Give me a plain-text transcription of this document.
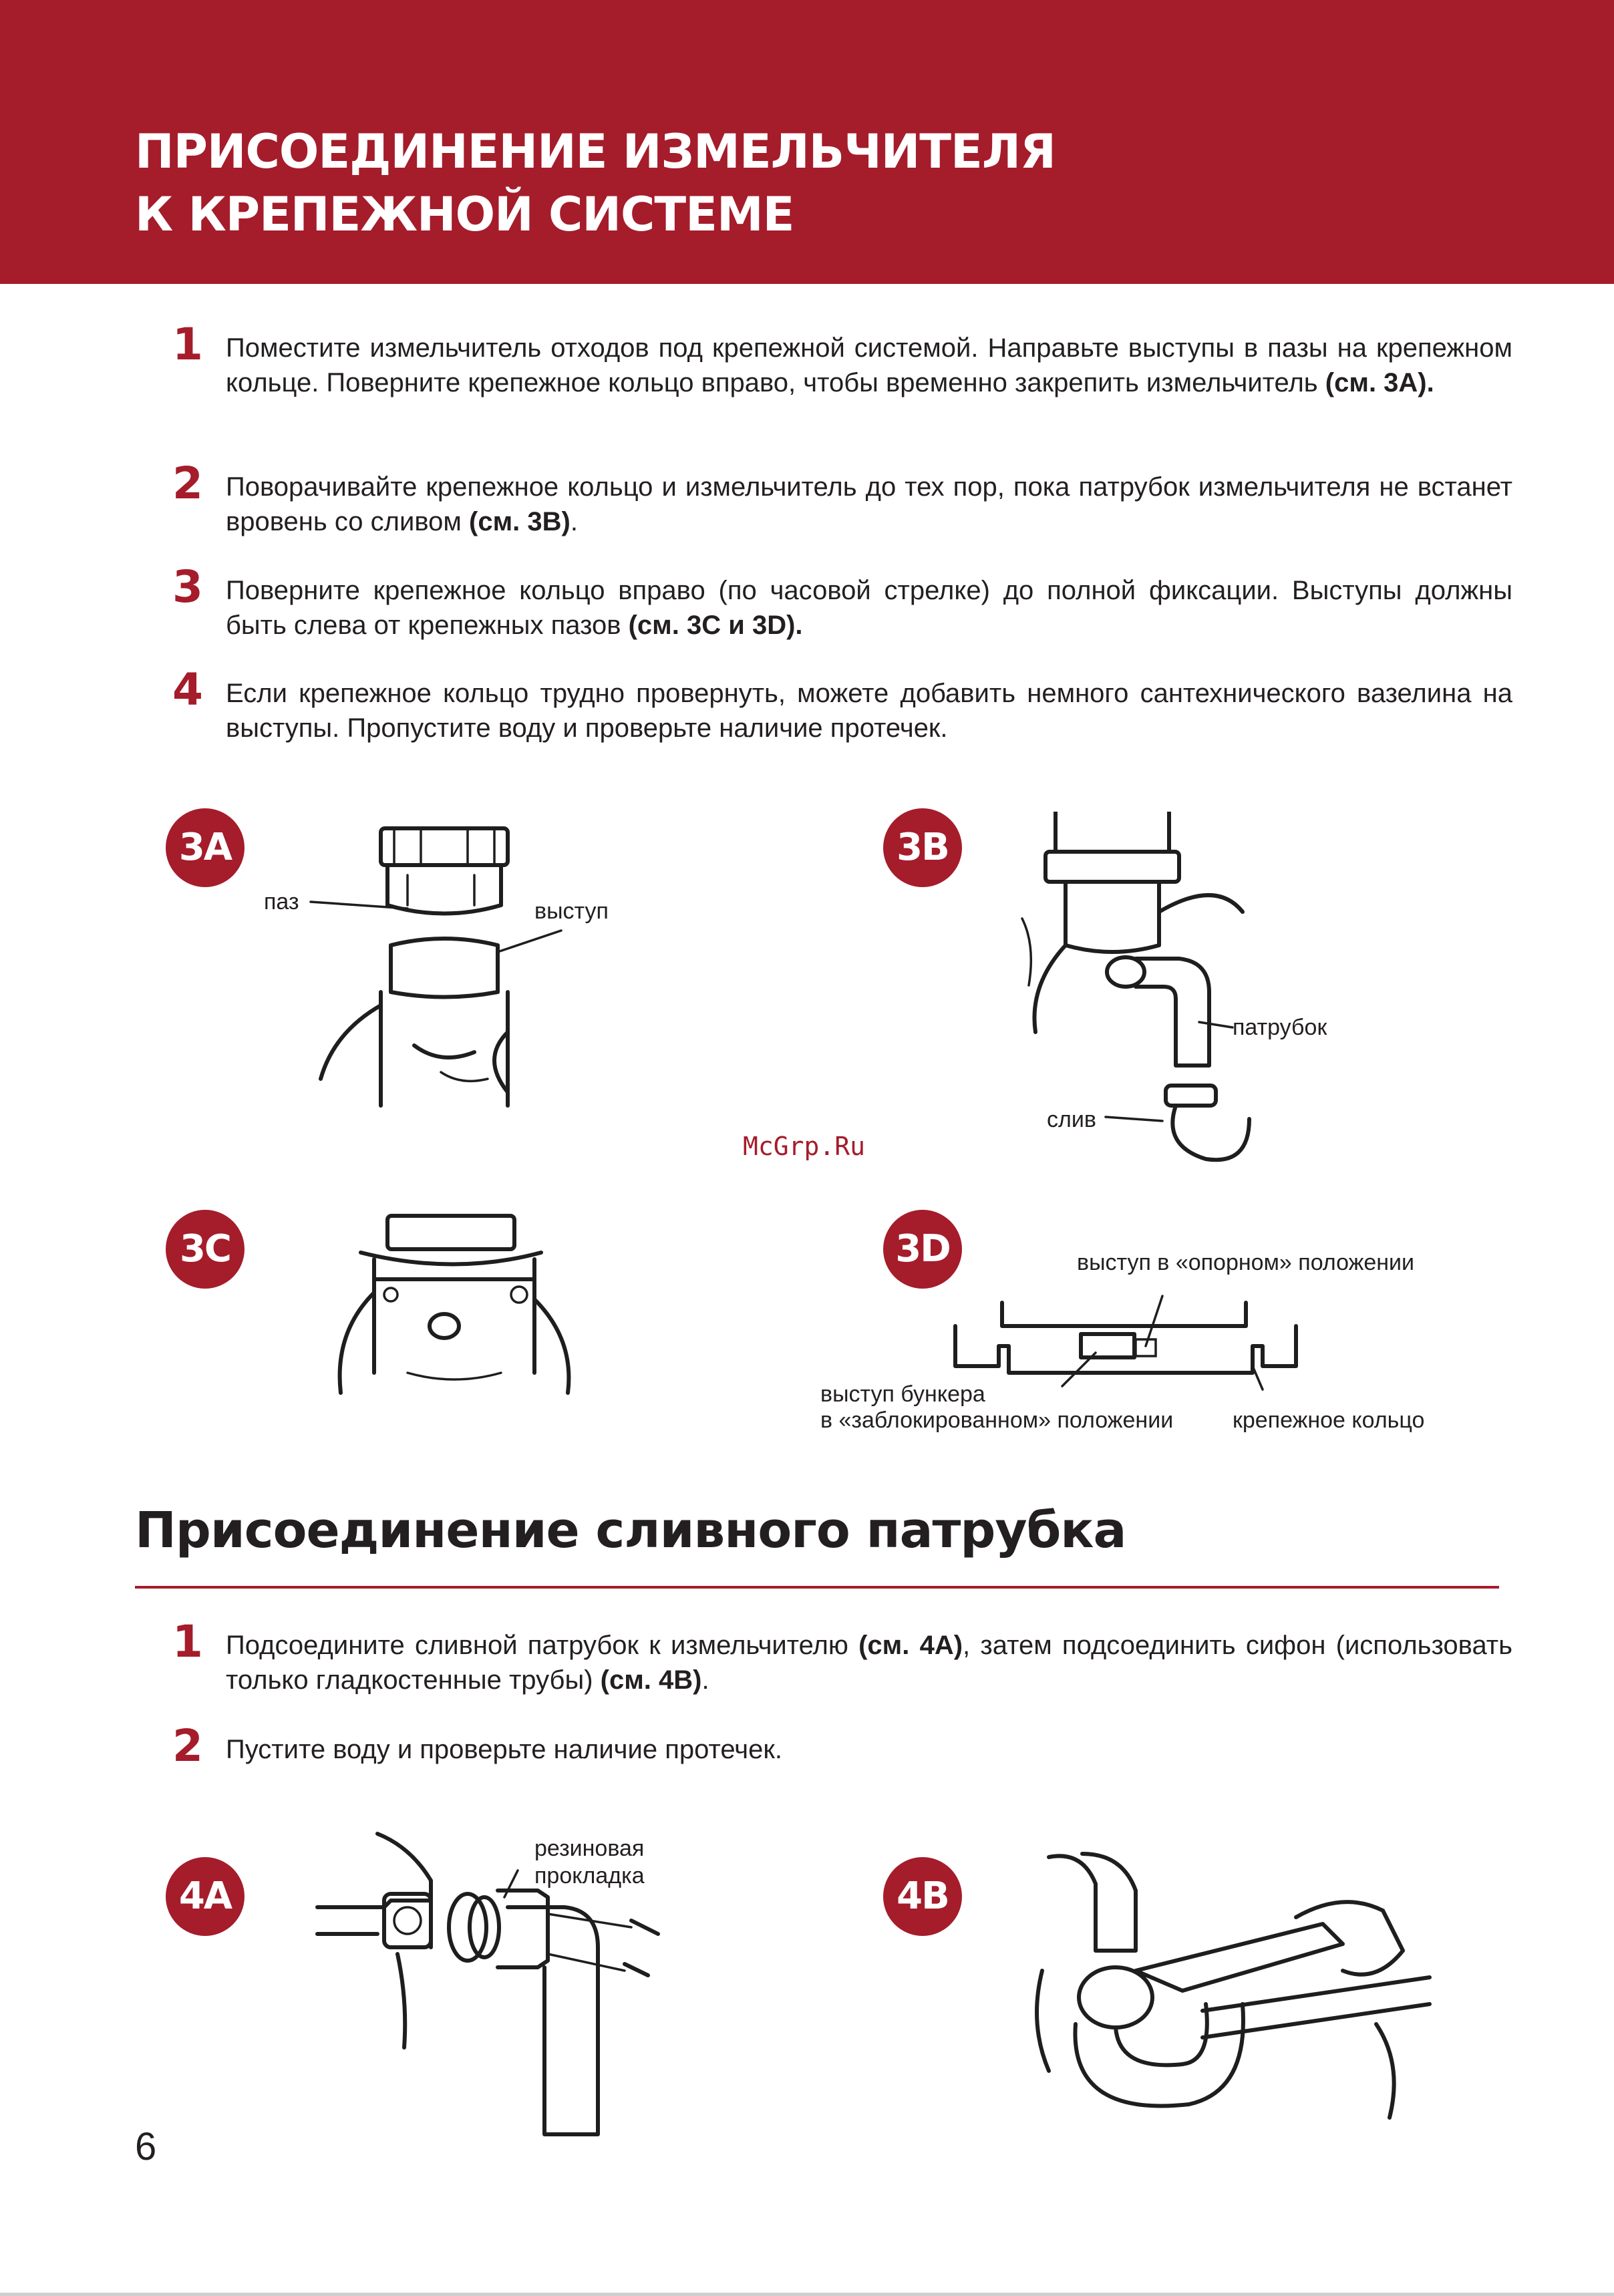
ПРИСОЕДИНЕНИЕ ИЗМЕЛЬЧИТЕЛЯ
К КРЕПЕЖНОЙ СИСТЕМЕ
1 Поместите измельчитель отходов под крепежной системой. Направьте выступы в пазы на крепежном кольце. Поверните крепежное кольцо вправо, чтобы временно закрепить измельчитель (см. 3А).
2 Поворачивайте крепежное кольцо и измельчитель до тех пор, пока патрубок измельчителя не встанет вровень со сливом (см. 3B).
3 Поверните крепежное кольцо вправо (по часовой стрелке) до полной фиксации. Выступы должны быть слева от крепежных пазов (см. 3С и 3D).
4 Если крепежное кольцо трудно провернуть, можете добавить немного сантехнического вазелина на выступы. Пропустите воду и проверьте наличие протечек.
3A
паз	выступ
3B
патрубок
слив
McGrp.Ru
3C	3D	выступ в «опорном» положении
выступ бункера
в «заблокированном» положении	крепежное кольцо
Присоединение сливного патрубка
1 Подсоедините сливной патрубок к измельчителю (см. 4А), затем подсоединить сифон (использовать только гладкостенные трубы) (см. 4B).
2 Пустите воду и проверьте наличие протечек.
4A
резиновая
прокладка	4B
6
